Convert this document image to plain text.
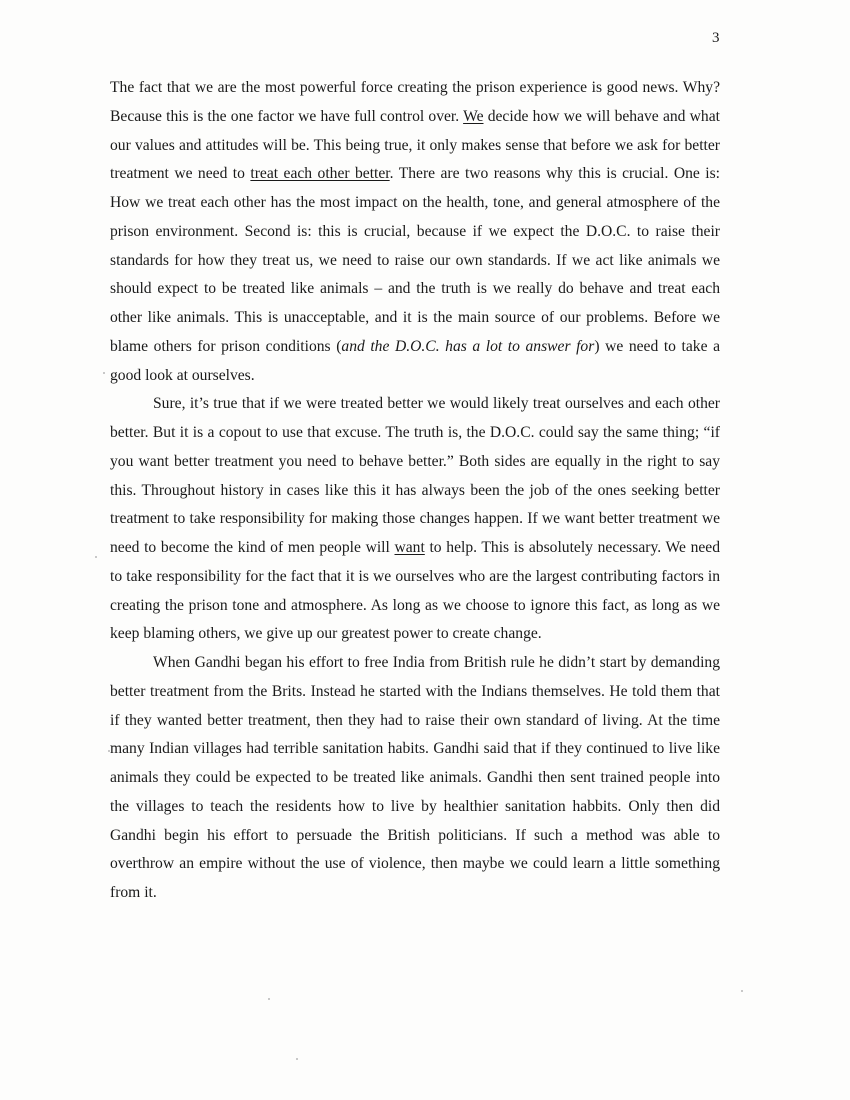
3

The fact that we are the most powerful force creating the prison experience is good news. Why? Because this is the one factor we have full control over. We decide how we will behave and what our values and attitudes will be. This being true, it only makes sense that before we ask for better treatment we need to treat each other better. There are two reasons why this is crucial. One is: How we treat each other has the most impact on the health, tone, and general atmosphere of the prison environment. Second is: this is crucial, because if we expect the D.O.C. to raise their standards for how they treat us, we need to raise our own standards. If we act like animals we should expect to be treated like animals – and the truth is we really do behave and treat each other like animals. This is unacceptable, and it is the main source of our problems. Before we blame others for prison conditions (and the D.O.C. has a lot to answer for) we need to take a good look at ourselves.

Sure, it’s true that if we were treated better we would likely treat ourselves and each other better. But it is a copout to use that excuse. The truth is, the D.O.C. could say the same thing; “if you want better treatment you need to behave better.” Both sides are equally in the right to say this. Throughout history in cases like this it has always been the job of the ones seeking better treatment to take responsibility for making those changes happen. If we want better treatment we need to become the kind of men people will want to help. This is absolutely necessary. We need to take responsibility for the fact that it is we ourselves who are the largest contributing factors in creating the prison tone and atmosphere. As long as we choose to ignore this fact, as long as we keep blaming others, we give up our greatest power to create change.

When Gandhi began his effort to free India from British rule he didn’t start by demanding better treatment from the Brits. Instead he started with the Indians themselves. He told them that if they wanted better treatment, then they had to raise their own standard of living. At the time many Indian villages had terrible sanitation habits. Gandhi said that if they continued to live like animals they could be expected to be treated like animals. Gandhi then sent trained people into the villages to teach the residents how to live by healthier sanitation habbits. Only then did Gandhi begin his effort to persuade the British politicians. If such a method was able to overthrow an empire without the use of violence, then maybe we could learn a little something from it.
